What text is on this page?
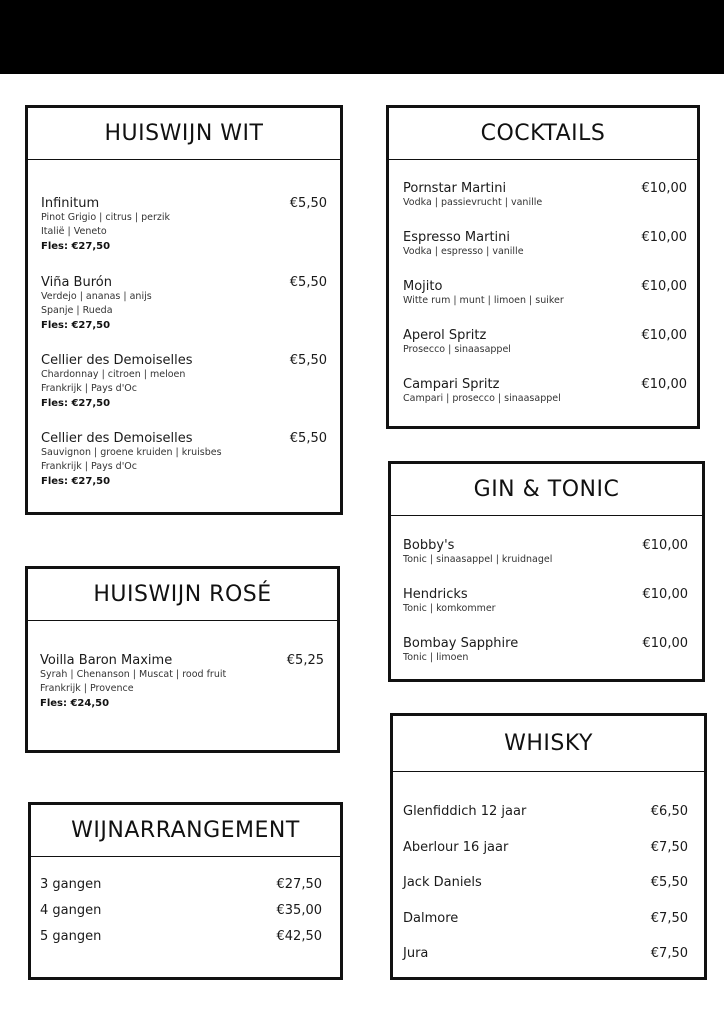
HUISWIJN WIT
Infinitum	€5,50
Pinot Grigio | citrus | perzik
Italië | Veneto
Fles: €27,50
Viña Burón	€5,50
Verdejo | ananas | anijs
Spanje | Rueda
Fles: €27,50
Cellier des Demoiselles	€5,50
Chardonnay | citroen | meloen
Frankrijk | Pays d'Oc
Fles: €27,50
Cellier des Demoiselles	€5,50
Sauvignon | groene kruiden | kruisbes
Frankrijk | Pays d'Oc
Fles: €27,50
HUISWIJN ROSÉ
Voilla Baron Maxime	€5,25
Syrah | Chenanson | Muscat | rood fruit
Frankrijk | Provence
Fles: €24,50
WIJNARRANGEMENT
3 gangen	€27,50
4 gangen	€35,00
5 gangen	€42,50
COCKTAILS
Pornstar Martini	€10,00
Vodka | passievrucht | vanille
Espresso Martini	€10,00
Vodka | espresso | vanille
Mojito	€10,00
Witte rum | munt | limoen | suiker
Aperol Spritz	€10,00
Prosecco | sinaasappel
Campari Spritz	€10,00
Campari | prosecco | sinaasappel
GIN & TONIC
Bobby's	€10,00
Tonic | sinaasappel | kruidnagel
Hendricks	€10,00
Tonic | komkommer
Bombay Sapphire	€10,00
Tonic | limoen
WHISKY
Glenfiddich 12 jaar	€6,50
Aberlour 16 jaar	€7,50
Jack Daniels	€5,50
Dalmore	€7,50
Jura	€7,50
